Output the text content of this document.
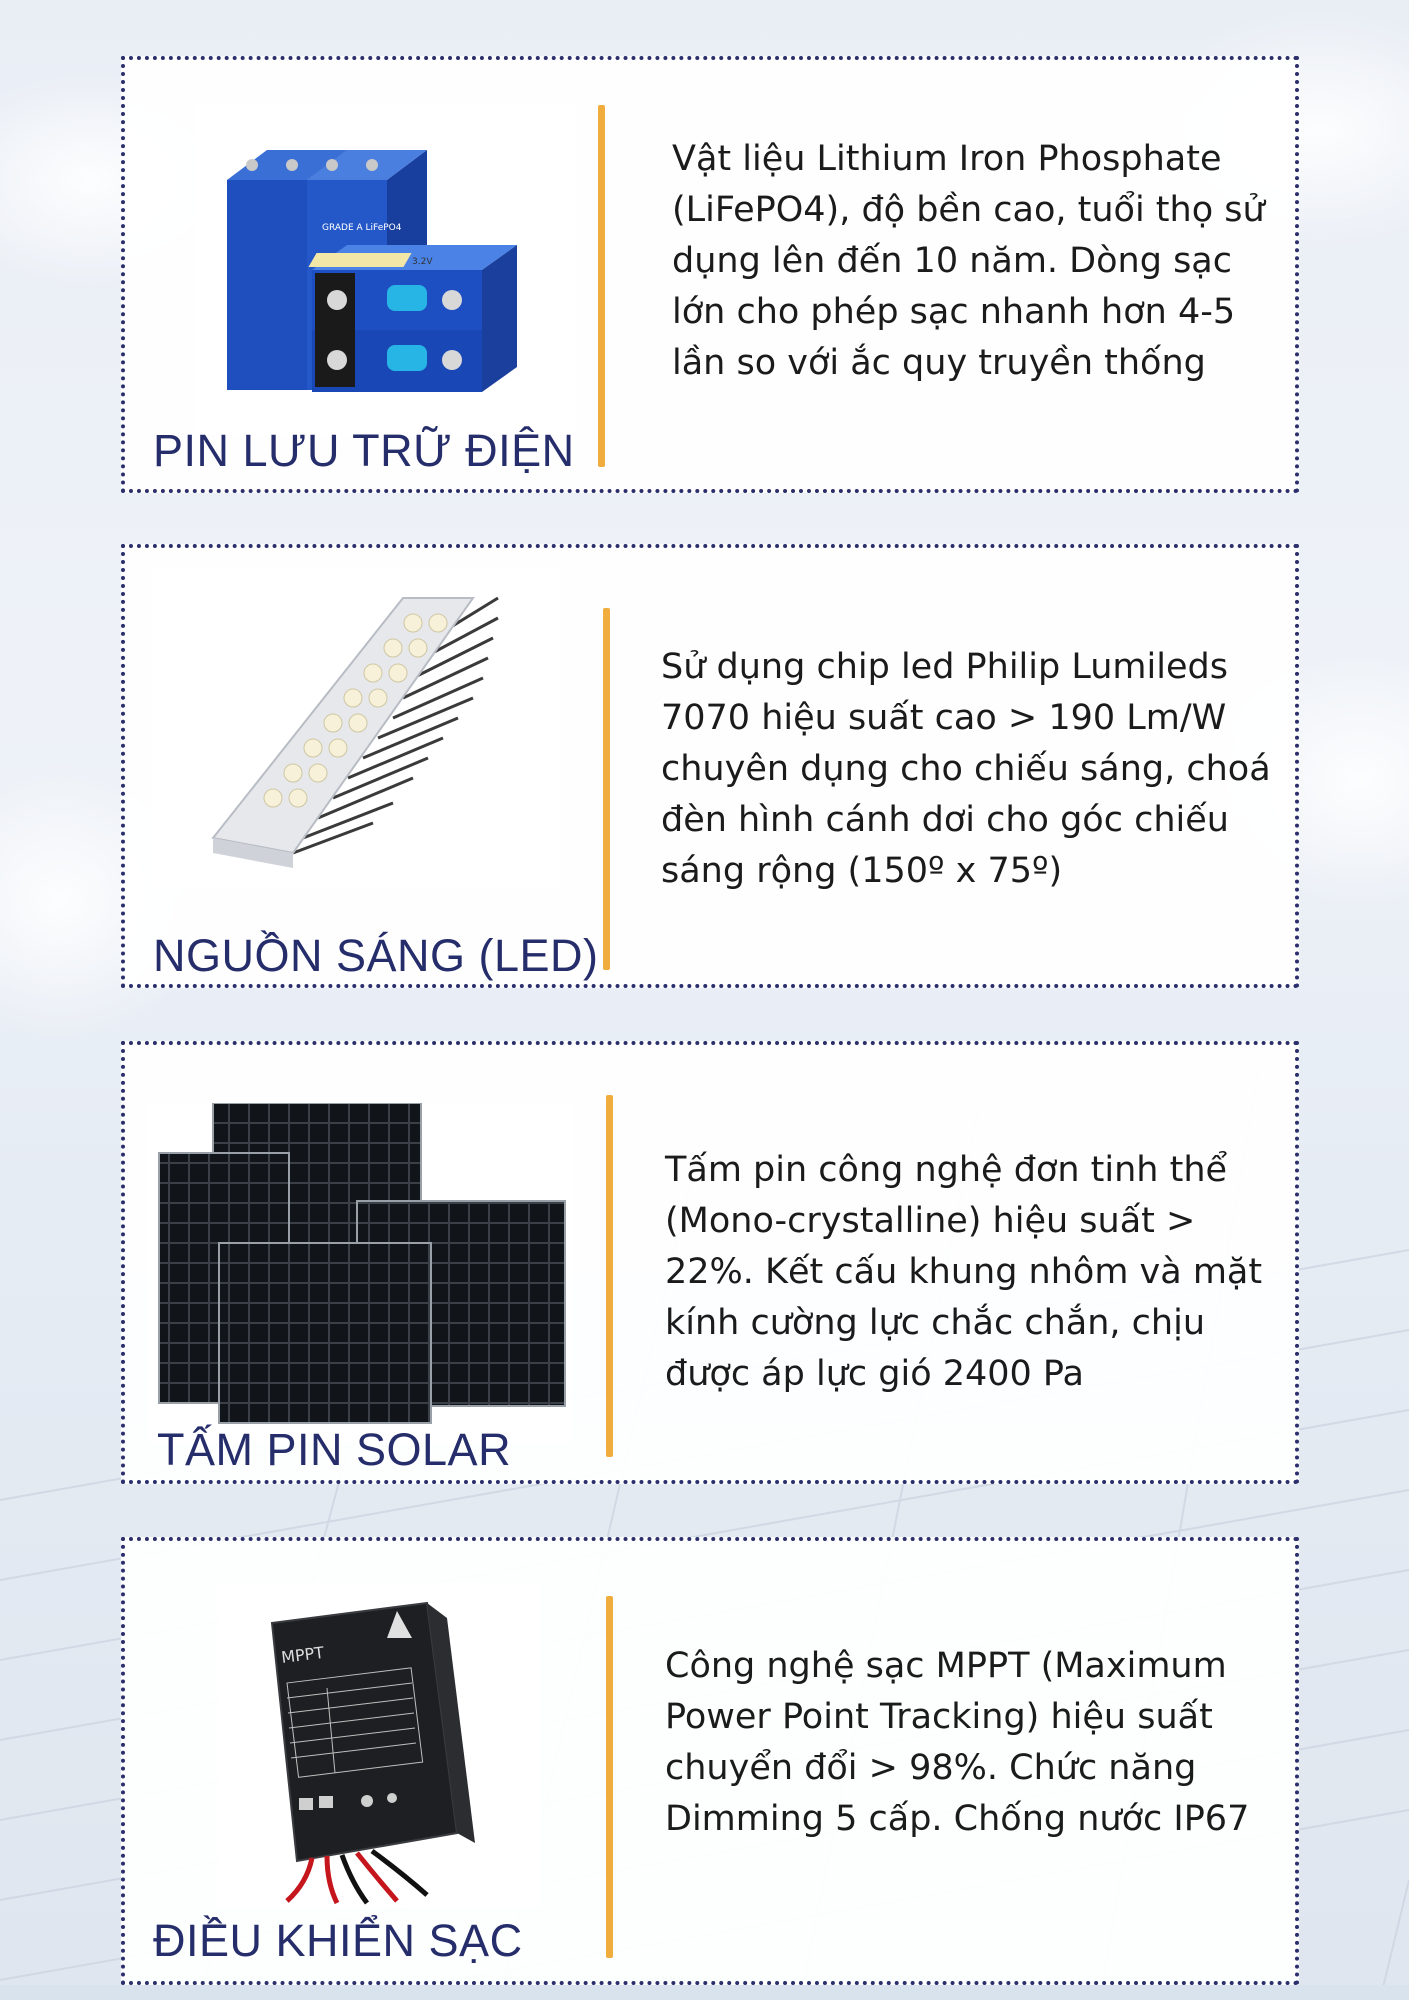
GRADE A LiFePO4
3.2V
PIN LƯU TRỮ ĐIỆN
Vật liệu Lithium Iron Phosphate (LiFePO4), độ bền cao, tuổi thọ sử dụng lên đến 10 năm. Dòng sạc lớn cho phép sạc nhanh hơn 4-5 lần so với ắc quy truyền thống
NGUỒN SÁNG (LED)
Sử dụng chip led Philip Lumileds 7070 hiệu suất cao > 190 Lm/W chuyên dụng cho chiếu sáng, choá đèn hình cánh dơi cho góc chiếu sáng rộng (150º x 75º)
TẤM PIN SOLAR
Tấm pin công nghệ đơn tinh thể (Mono-crystalline) hiệu suất > 22%. Kết cấu khung nhôm và mặt kính cường lực chắc chắn, chịu được áp lực gió 2400 Pa
MPPT
ĐIỀU KHIỂN SẠC
Công nghệ sạc MPPT (Maximum Power Point Tracking) hiệu suất chuyển đổi > 98%. Chức năng Dimming 5 cấp. Chống nước IP67
